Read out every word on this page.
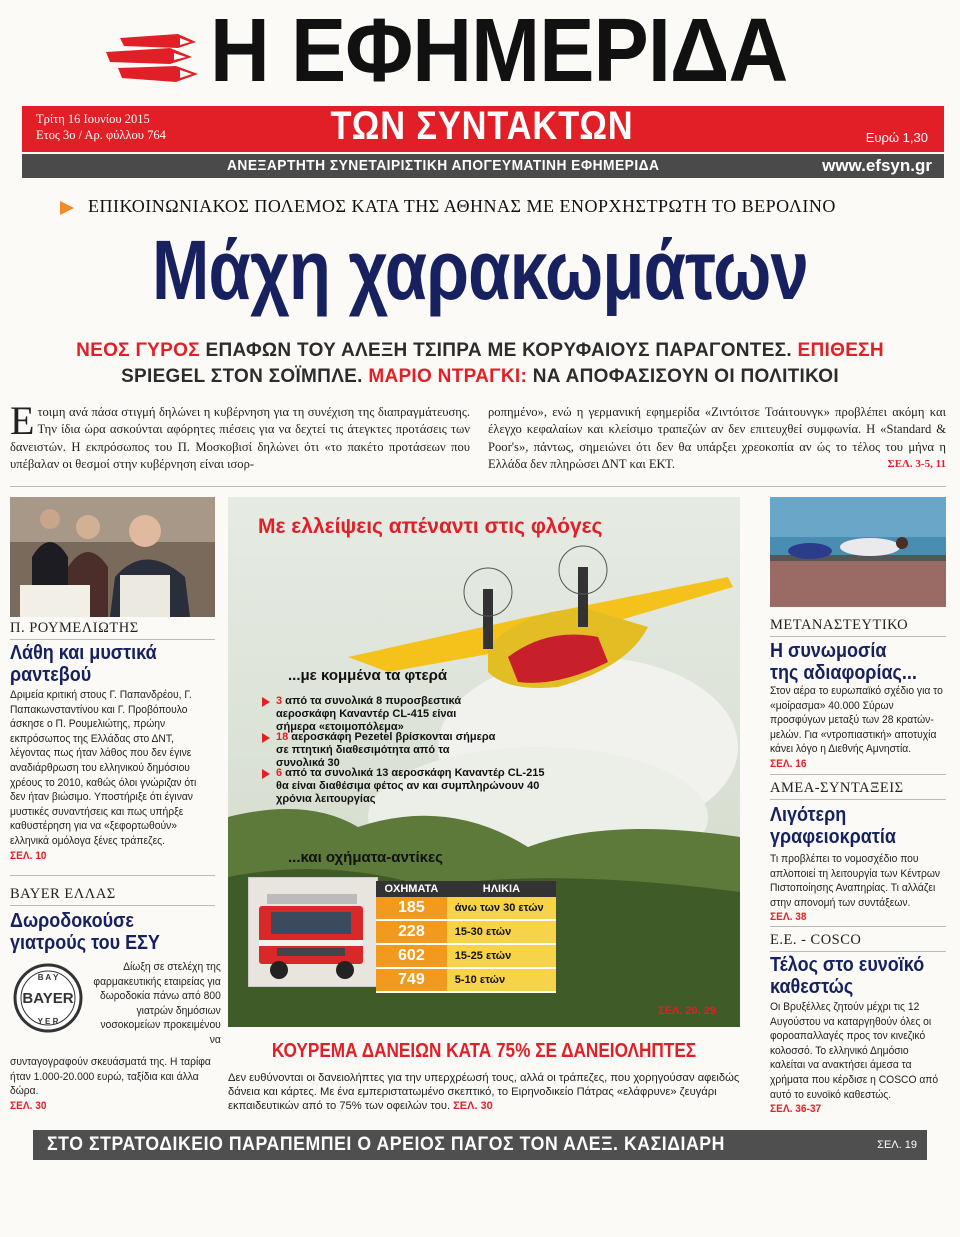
Η ΕΦΗΜΕΡΙΔΑ
Τρίτη 16 Ιουνίου 2015
Ετος 3ο / Αρ. φύλλου 764	ΤΩΝ ΣΥΝΤΑΚΤΩΝ	Ευρώ 1,30
ΑΝΕΞΑΡΤΗΤΗ ΣΥΝΕΤΑΙΡΙΣΤΙΚΗ ΑΠΟΓΕΥΜΑΤΙΝΗ ΕΦΗΜΕΡΙΔΑ	www.efsyn.gr
ΕΠΙΚΟΙΝΩΝΙΑΚΟΣ ΠΟΛΕΜΟΣ ΚΑΤΑ ΤΗΣ ΑΘΗΝΑΣ ΜΕ ΕΝΟΡΧΗΣΤΡΩΤΗ ΤΟ ΒΕΡΟΛΙΝΟ
Μάχη χαρακωμάτων
ΝΕΟΣ ΓΥΡΟΣ ΕΠΑΦΩΝ ΤΟΥ ΑΛΕΞΗ ΤΣΙΠΡΑ ΜΕ ΚΟΡΥΦΑΙΟΥΣ ΠΑΡΑΓΟΝΤΕΣ. ΕΠΙΘΕΣΗ
SPIEGEL ΣΤΟΝ ΣΟΪΜΠΛΕ. ΜΑΡΙΟ ΝΤΡΑΓΚΙ: ΝΑ ΑΠΟΦΑΣΙΣΟΥΝ ΟΙ ΠΟΛΙΤΙΚΟΙ
Ετοιμη ανά πάσα στιγμή δηλώνει η κυβέρνηση για τη συνέχιση της διαπραγμάτευσης. Την ίδια ώρα ασκούνται αφόρητες πιέσεις για να δεχτεί τις άτεγκτες προτάσεις των δανειστών. Η εκπρόσωπος του Π. Μοσκοβισί δηλώνει ότι «το πακέτο προτάσεων που υπέβαλαν οι θεσμοί στην κυβέρνηση είναι ισορ-
ροπημένο», ενώ η γερμανική εφημερίδα «Ζιντόιτσε Τσάιτουνγκ» προβλέπει ακόμη και έλεγχο κεφαλαίων και κλείσιμο τραπεζών αν δεν επιτευχθεί συμφωνία. Η «Standard & Poor's», πάντως, σημειώνει ότι δεν θα υπάρξει χρεοκοπία αν ώς το τέλος του μήνα η Ελλάδα δεν πληρώσει ΔΝΤ και ΕΚΤ.	ΣΕΛ. 3-5, 11
Π. ΡΟΥΜΕΛΙΩΤΗΣ
Λάθη και μυστικά
ραντεβού
Δριμεία κριτική στους Γ. Παπανδρέου, Γ. Παπακωνσταντίνου και Γ. Προβόπουλο άσκησε ο Π. Ρουμελιώτης, πρώην εκπρόσωπος της Ελλάδας στο ΔΝΤ, λέγοντας πως ήταν λάθος που δεν έγινε αναδιάρθρωση του ελληνικού δημόσιου χρέους το 2010, καθώς όλοι γνώριζαν ότι δεν ήταν βιώσιμο. Υποστήριξε ότι έγιναν μυστικές συναντήσεις και πως υπήρξε καθυστέρηση για να «ξεφορτωθούν» ελληνικά ομόλογα ξένες τράπεζες.
ΣΕΛ. 10
BAYER ΕΛΛΑΣ
Δωροδοκούσε
γιατρούς του ΕΣΥ
BAYER
B A Y
Y E R
Δίωξη σε στελέχη της φαρμακευτικής εταιρείας για δωροδοκία πάνω από 800 γιατρών δημόσιων νοσοκομείων προκειμένου να
συνταγογραφούν σκευάσματά της. Η ταρίφα ήταν 1.000-20.000 ευρώ, ταξίδια και άλλα δώρα.
ΣΕΛ. 30
Με ελλείψεις απέναντι στις φλόγες
...με κομμένα τα φτερά
3 από τα συνολικά 8 πυροσβεστικά αεροσκάφη Καναντέρ CL-415 είναι σήμερα «ετοιμοπόλεμα»
18 αεροσκάφη Pezetel βρίσκονται σήμερα σε πτητική διαθεσιμότητα από τα συνολικά 30
6 από τα συνολικά 13 αεροσκάφη Καναντέρ CL-215 θα είναι διαθέσιμα φέτος αν και συμπληρώνουν 40 χρόνια λειτουργίας
...και οχήματα-αντίκες
ΟΧΗΜΑΤΑ	ΗΛΙΚΙΑ
185	άνω των 30 ετών
228	15-30 ετών
602	15-25 ετών
749	5-10 ετών
ΣΕΛ. 20, 29
ΚΟΥΡΕΜΑ ΔΑΝΕΙΩΝ ΚΑΤΑ 75% ΣΕ ΔΑΝΕΙΟΛΗΠΤΕΣ
Δεν ευθύνονται οι δανειολήπτες για την υπερχρέωσή τους, αλλά οι τράπεζες, που χορηγούσαν αφειδώς δάνεια και κάρτες. Με ένα εμπεριστατωμένο σκεπτικό, το Ειρηνοδικείο Πάτρας «ελάφρυνε» ζευγάρι εκπαιδευτικών από το 75% των οφειλών του. ΣΕΛ. 30
ΜΕΤΑΝΑΣΤΕΥΤΙΚΟ
Η συνωμοσία
της αδιαφορίας...
Στον αέρα το ευρωπαϊκό σχέδιο για το «μοίρασμα» 40.000 Σύρων προσφύγων μεταξύ των 28 κρατών-μελών. Για «ντροπιαστική» αποτυχία κάνει λόγο η Διεθνής Αμνηστία.
ΣΕΛ. 16
ΑΜΕΑ-ΣΥΝΤΑΞΕΙΣ
Λιγότερη
γραφειοκρατία
Τι προβλέπει το νομοσχέδιο που απλοποιεί τη λειτουργία των Κέντρων Πιστοποίησης Αναπηρίας. Τι αλλάζει στην απονομή των συντάξεων.
ΣΕΛ. 38
Ε.Ε. - COSCO
Τέλος στο ευνοϊκό
καθεστώς
Οι Βρυξέλλες ζητούν μέχρι τις 12 Αυγούστου να καταργηθούν όλες οι φοροαπαλλαγές προς τον κινεζικό κολοσσό. Το ελληνικό Δημόσιο καλείται να ανακτήσει άμεσα τα χρήματα που κέρδισε η COSCO από αυτό το ευνοϊκό καθεστώς.
ΣΕΛ. 36-37
ΣΤΟ ΣΤΡΑΤΟΔΙΚΕΙΟ ΠΑΡΑΠΕΜΠΕΙ Ο ΑΡΕΙΟΣ ΠΑΓΟΣ ΤΟΝ ΑΛΕΞ. ΚΑΣΙΔΙΑΡΗ	ΣΕΛ. 19
